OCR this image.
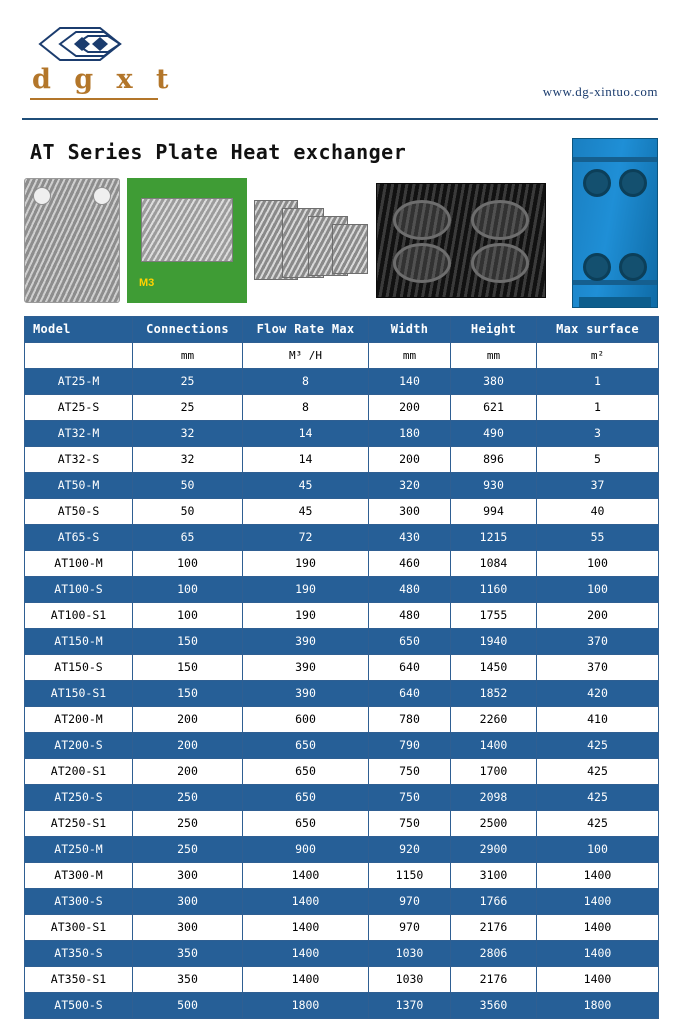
d g x t	www.dg-xintuo.com
AT Series Plate Heat exchanger
M3
Model	Connections	Flow Rate Max	Width	Height	Max surface
	mm	M³ /H	mm	mm	m²
AT25-M	25	8	140	380	1
AT25-S	25	8	200	621	1
AT32-M	32	14	180	490	3
AT32-S	32	14	200	896	5
AT50-M	50	45	320	930	37
AT50-S	50	45	300	994	40
AT65-S	65	72	430	1215	55
AT100-M	100	190	460	1084	100
AT100-S	100	190	480	1160	100
AT100-S1	100	190	480	1755	200
AT150-M	150	390	650	1940	370
AT150-S	150	390	640	1450	370
AT150-S1	150	390	640	1852	420
AT200-M	200	600	780	2260	410
AT200-S	200	650	790	1400	425
AT200-S1	200	650	750	1700	425
AT250-S	250	650	750	2098	425
AT250-S1	250	650	750	2500	425
AT250-M	250	900	920	2900	100
AT300-M	300	1400	1150	3100	1400
AT300-S	300	1400	970	1766	1400
AT300-S1	300	1400	970	2176	1400
AT350-S	350	1400	1030	2806	1400
AT350-S1	350	1400	1030	2176	1400
AT500-S	500	1800	1370	3560	1800
